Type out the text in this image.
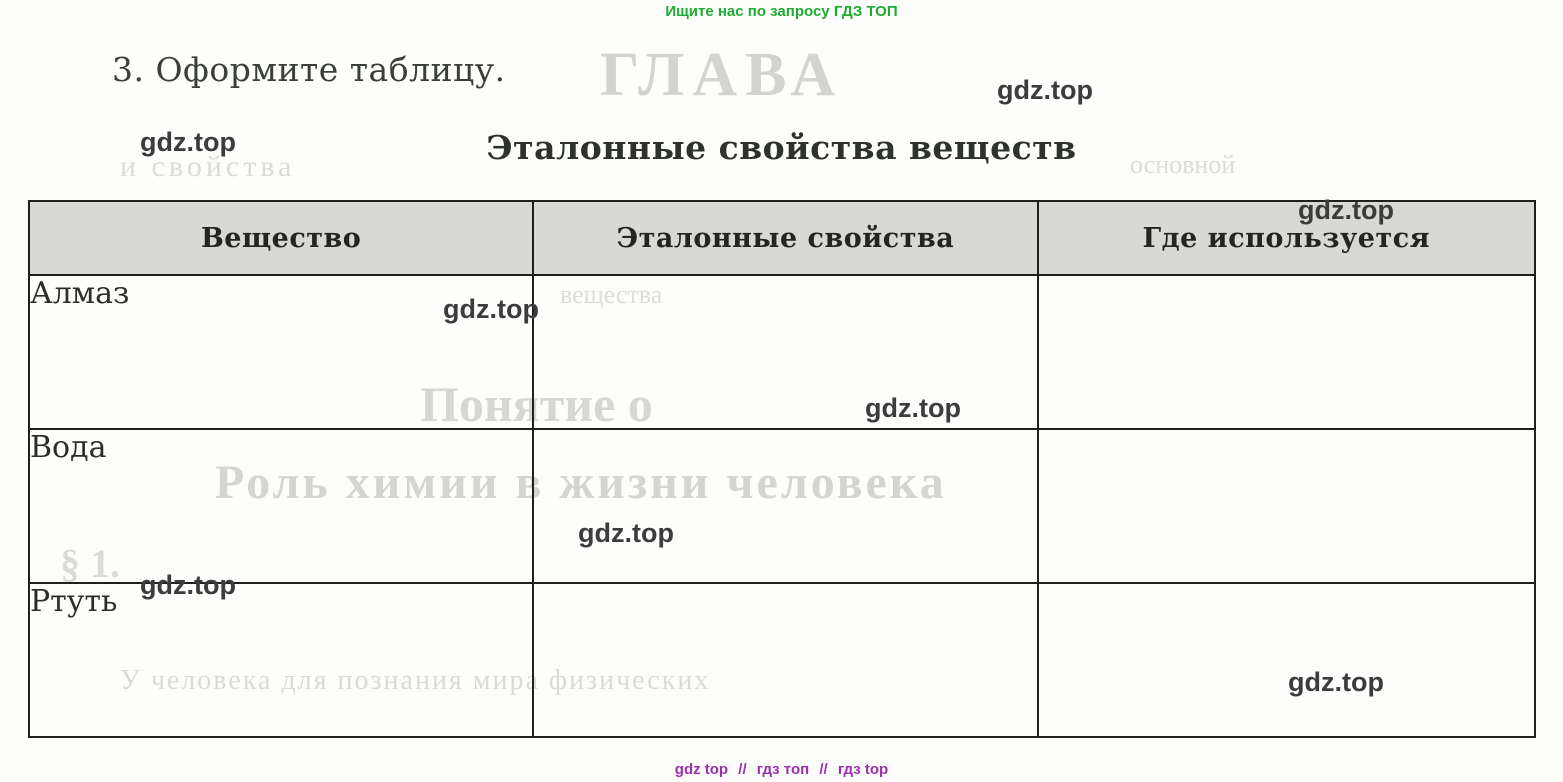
ГЛАВА
и свойства	основной
Понятие о
Роль химии в жизни человека
§ 1.
У человека для познания мира физических
вещества
Ищите нас по запросу ГДЗ ТОП
3. Оформите таблицу.
Эталонные свойства веществ
Вещество	Эталонные свойства	Где используется
Алмаз		
Вода		
Ртуть		
gdz.top
gdz.top
gdz.top
gdz.top
gdz.top
gdz.top
gdz.top
gdz.top
gdz top // гдз топ // гдз top
